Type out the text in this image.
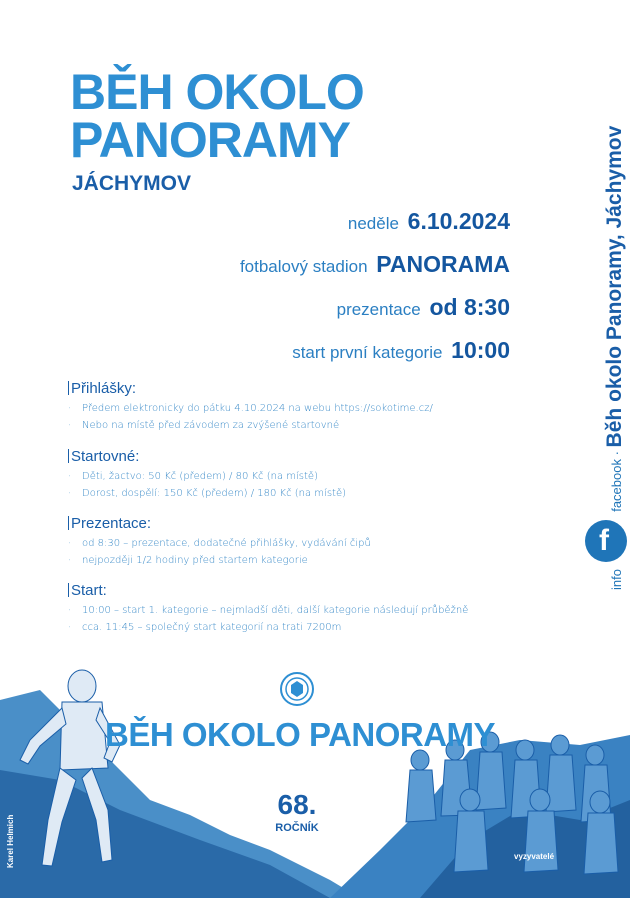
BĚH OKOLO
PANORAMY
JÁCHYMOV
neděle 6.10.2024
fotbalový stadion PANORAMA
prezentace od 8:30
start první kategorie 10:00
Přihlášky:
· Předem elektronicky do pátku 4.10.2024 na webu https://sokotime.cz/
· Nebo na místě před závodem za zvýšené startovné
Startovné:
· Děti, žactvo: 50 Kč (předem) / 80 Kč (na místě)
· Dorost, dospělí: 150 Kč (předem) / 180 Kč (na místě)
Prezentace:
· od 8:30 – prezentace, dodatečné přihlášky, vydávání čipů
· nejpozději 1/2 hodiny před startem kategorie
Start:
· 10:00 – start 1. kategorie – nejmladší děti, další kategorie následují průběžně
· cca. 11:45 – společný start kategorií na trati 7200m
f
info  facebook · Běh okolo Panoramy, Jáchymov
BĚH OKOLO PANORAMY
68.
ROČNÍK
Karel Helmich	vyzyvatelé
